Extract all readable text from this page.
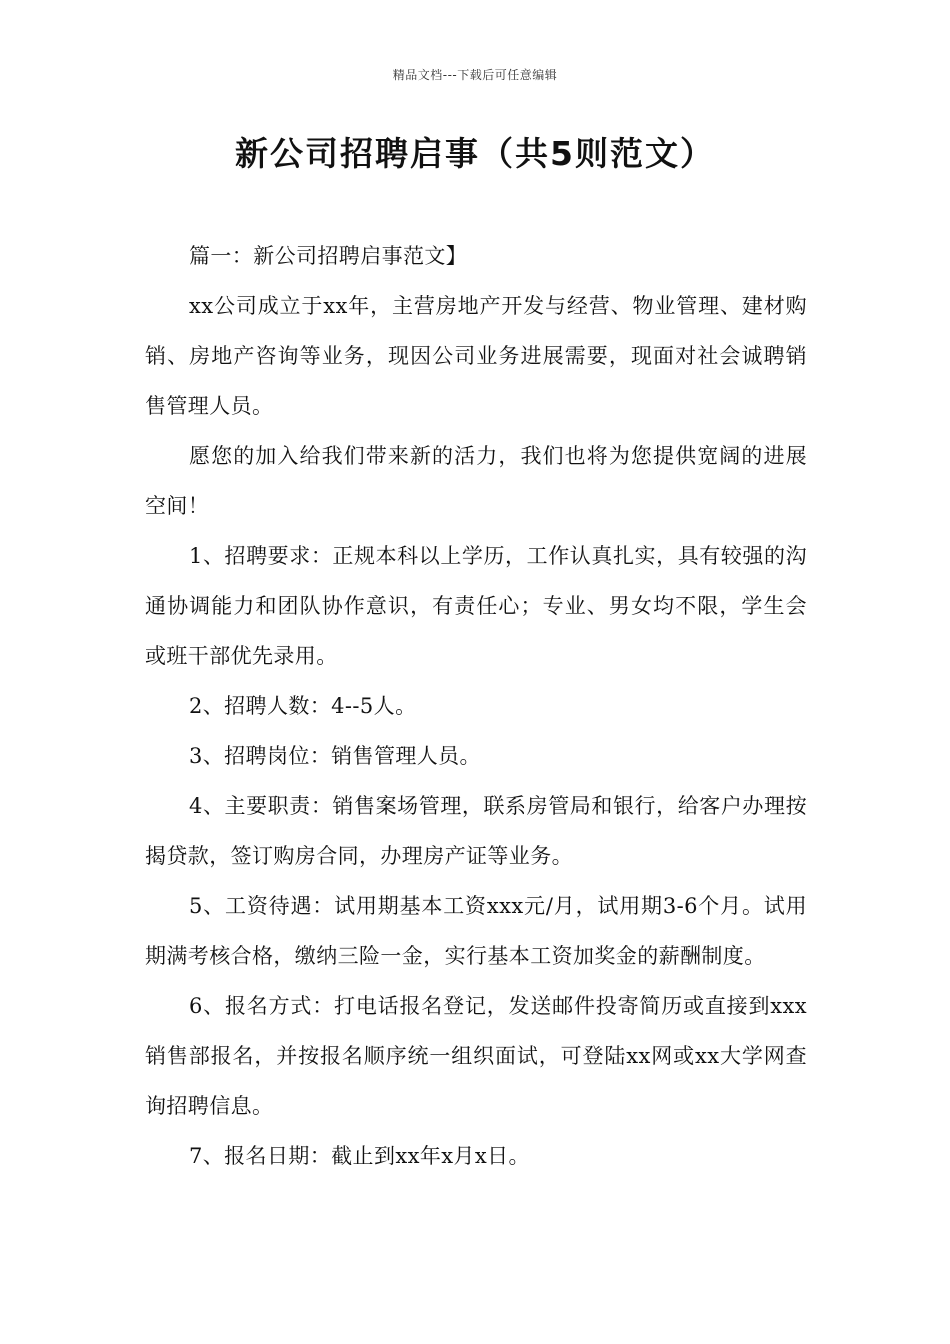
精品文档---下载后可任意编辑
新公司招聘启事（共5则范文）

篇一：新公司招聘启事范文】

xx公司成立于xx年，主营房地产开发与经营、物业管理、建材购销、房地产咨询等业务，现因公司业务进展需要，现面对社会诚聘销售管理人员。

愿您的加入给我们带来新的活力，我们也将为您提供宽阔的进展空间！

1、招聘要求：正规本科以上学历，工作认真扎实，具有较强的沟通协调能力和团队协作意识，有责任心；专业、男女均不限，学生会或班干部优先录用。

2、招聘人数：4--5人。

3、招聘岗位：销售管理人员。

4、主要职责：销售案场管理，联系房管局和银行，给客户办理按揭贷款，签订购房合同，办理房产证等业务。

5、工资待遇：试用期基本工资xxx元/月，试用期3-6个月。试用期满考核合格，缴纳三险一金，实行基本工资加奖金的薪酬制度。

6、报名方式：打电话报名登记，发送邮件投寄简历或直接到xxx销售部报名，并按报名顺序统一组织面试，可登陆xx网或xx大学网查询招聘信息。

7、报名日期：截止到xx年x月x日。
